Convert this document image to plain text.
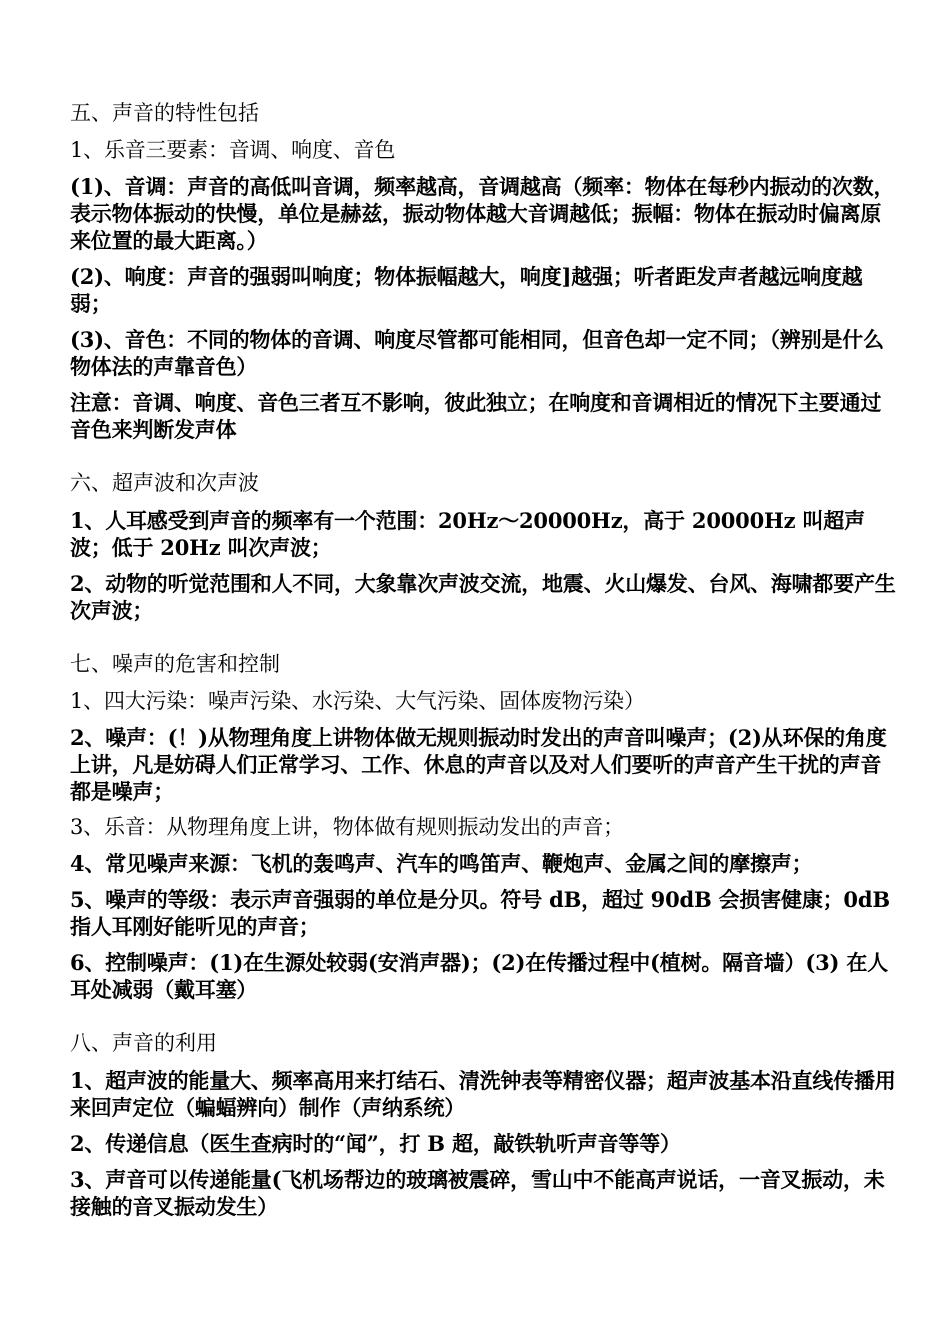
五、声音的特性包括
1、乐音三要素：音调、响度、音色
(1)、音调：声音的高低叫音调，频率越高，音调越高（频率：物体在每秒内振动的次数，表示物体振动的快慢，单位是赫兹，振动物体越大音调越低；振幅：物体在振动时偏离原来位置的最大距离。）
(2)、响度：声音的强弱叫响度；物体振幅越大，响度]越强；听者距发声者越远响度越弱；
(3)、音色：不同的物体的音调、响度尽管都可能相同，但音色却一定不同；（辨别是什么物体法的声靠音色）
注意：音调、响度、音色三者互不影响，彼此独立；在响度和音调相近的情况下主要通过音色来判断发声体
六、超声波和次声波
1、人耳感受到声音的频率有一个范围：20Hz～20000Hz，高于 20000Hz 叫超声波；低于 20Hz 叫次声波；
2、动物的听觉范围和人不同，大象靠次声波交流，地震、火山爆发、台风、海啸都要产生次声波；
七、噪声的危害和控制
1、四大污染：噪声污染、水污染、大气污染、固体废物污染）
2、噪声：(！)从物理角度上讲物体做无规则振动时发出的声音叫噪声；(2)从环保的角度上讲，凡是妨碍人们正常学习、工作、休息的声音以及对人们要听的声音产生干扰的声音都是噪声；
3、乐音：从物理角度上讲，物体做有规则振动发出的声音；
4、常见噪声来源：飞机的轰鸣声、汽车的鸣笛声、鞭炮声、金属之间的摩擦声；
5、噪声的等级：表示声音强弱的单位是分贝。符号 dB，超过 90dB 会损害健康；0dB 指人耳刚好能听见的声音；
6、控制噪声：(1)在生源处较弱(安消声器)；(2)在传播过程中(植树。隔音墙）(3) 在人耳处减弱（戴耳塞）
八、声音的利用
1、超声波的能量大、频率高用来打结石、清洗钟表等精密仪器；超声波基本沿直线传播用来回声定位（蝙蝠辨向）制作（声纳系统）
2、传递信息（医生查病时的“闻”，打 B 超，敲铁轨听声音等等）
3、声音可以传递能量(飞机场帮边的玻璃被震碎，雪山中不能高声说话，一音叉振动，未接触的音叉振动发生）
